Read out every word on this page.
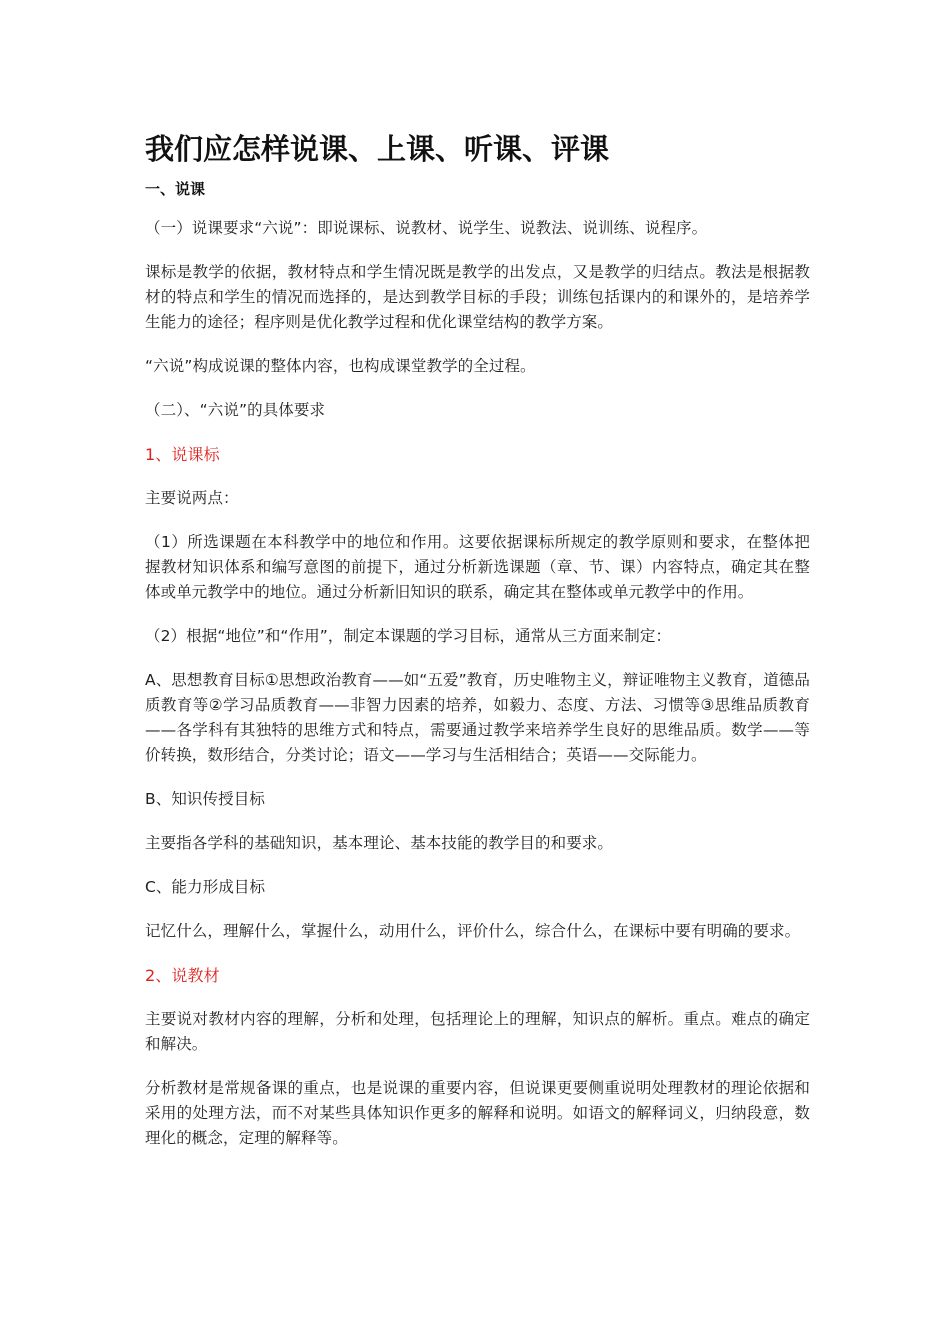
我们应怎样说课、上课、听课、评课
一、说课

（一）说课要求“六说”：即说课标、说教材、说学生、说教法、说训练、说程序。

课标是教学的依据，教材特点和学生情况既是教学的出发点，又是教学的归结点。教法是根据教材的特点和学生的情况而选择的，是达到教学目标的手段；训练包括课内的和课外的，是培养学生能力的途径；程序则是优化教学过程和优化课堂结构的教学方案。

“六说”构成说课的整体内容，也构成课堂教学的全过程。

（二）、“六说”的具体要求

1、说课标

主要说两点：

（1）所选课题在本科教学中的地位和作用。这要依据课标所规定的教学原则和要求，在整体把握教材知识体系和编写意图的前提下，通过分析新选课题（章、节、课）内容特点，确定其在整体或单元教学中的地位。通过分析新旧知识的联系，确定其在整体或单元教学中的作用。

（2）根据“地位”和“作用”，制定本课题的学习目标，通常从三方面来制定：

A、思想教育目标①思想政治教育——如“五爱”教育，历史唯物主义，辩证唯物主义教育，道德品质教育等②学习品质教育——非智力因素的培养，如毅力、态度、方法、习惯等③思维品质教育——各学科有其独特的思维方式和特点，需要通过教学来培养学生良好的思维品质。数学——等价转换，数形结合，分类讨论；语文——学习与生活相结合；英语——交际能力。

B、知识传授目标

主要指各学科的基础知识，基本理论、基本技能的教学目的和要求。

C、能力形成目标

记忆什么，理解什么，掌握什么，动用什么，评价什么，综合什么，在课标中要有明确的要求。

2、说教材

主要说对教材内容的理解，分析和处理，包括理论上的理解，知识点的解析。重点。难点的确定和解决。

分析教材是常规备课的重点，也是说课的重要内容，但说课更要侧重说明处理教材的理论依据和采用的处理方法，而不对某些具体知识作更多的解释和说明。如语文的解释词义，归纳段意，数理化的概念，定理的解释等。
